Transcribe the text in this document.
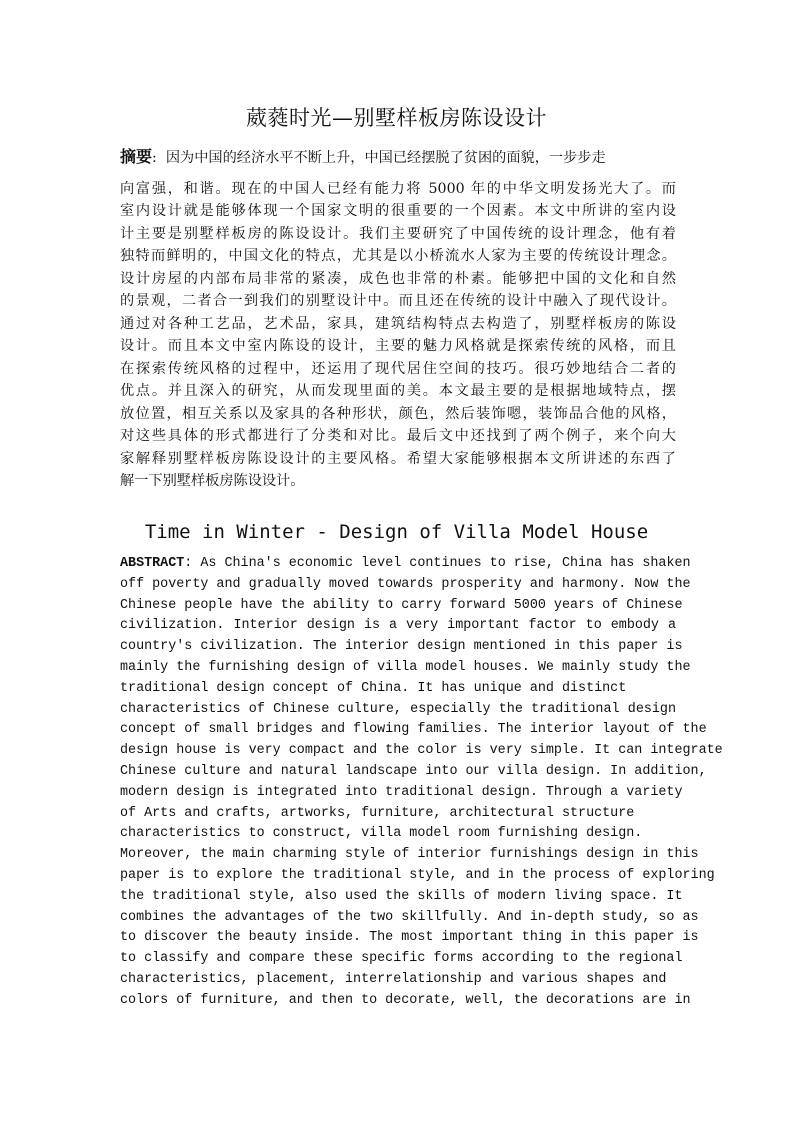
葳蕤时光—别墅样板房陈设设计
摘要: 因为中国的经济水平不断上升，中国已经摆脱了贫困的面貌，一步步走
向富强，和谐。现在的中国人已经有能力将 5000 年的中华文明发扬光大了。而
室内设计就是能够体现一个国家文明的很重要的一个因素。本文中所讲的室内设
计主要是别墅样板房的陈设设计。我们主要研究了中国传统的设计理念，他有着
独特而鲜明的，中国文化的特点，尤其是以小桥流水人家为主要的传统设计理念。
设计房屋的内部布局非常的紧凑，成色也非常的朴素。能够把中国的文化和自然
的景观，二者合一到我们的别墅设计中。而且还在传统的设计中融入了现代设计。
通过对各种工艺品，艺术品，家具，建筑结构特点去构造了，别墅样板房的陈设
设计。而且本文中室内陈设的设计，主要的魅力风格就是探索传统的风格，而且
在探索传统风格的过程中，还运用了现代居住空间的技巧。很巧妙地结合二者的
优点。并且深入的研究，从而发现里面的美。本文最主要的是根据地域特点，摆
放位置，相互关系以及家具的各种形状，颜色，然后装饰嗯，装饰品合他的风格，
对这些具体的形式都进行了分类和对比。最后文中还找到了两个例子，来个向大
家解释别墅样板房陈设设计的主要风格。希望大家能够根据本文所讲述的东西了
解一下别墅样板房陈设设计。
Time in Winter - Design of Villa Model House
ABSTRACT: As China's economic level continues to rise, China has shaken
off poverty and gradually moved towards prosperity and harmony. Now the
Chinese people have the ability to carry forward 5000 years of Chinese
civilization. Interior design is a very important factor to embody a
country's civilization. The interior design mentioned in this paper is
mainly the furnishing design of villa model houses. We mainly study the
traditional design concept of China. It has unique and distinct
characteristics of Chinese culture, especially the traditional design
concept of small bridges and flowing families. The interior layout of the
design house is very compact and the color is very simple. It can integrate
Chinese culture and natural landscape into our villa design. In addition,
modern design is integrated into traditional design. Through a variety
of Arts and crafts, artworks, furniture, architectural structure
characteristics to construct, villa model room furnishing design.
Moreover, the main charming style of interior furnishings design in this
paper is to explore the traditional style, and in the process of exploring
the traditional style, also used the skills of modern living space. It
combines the advantages of the two skillfully. And in-depth study, so as
to discover the beauty inside. The most important thing in this paper is
to classify and compare these specific forms according to the regional
characteristics, placement, interrelationship and various shapes and
colors of furniture, and then to decorate, well, the decorations are in
